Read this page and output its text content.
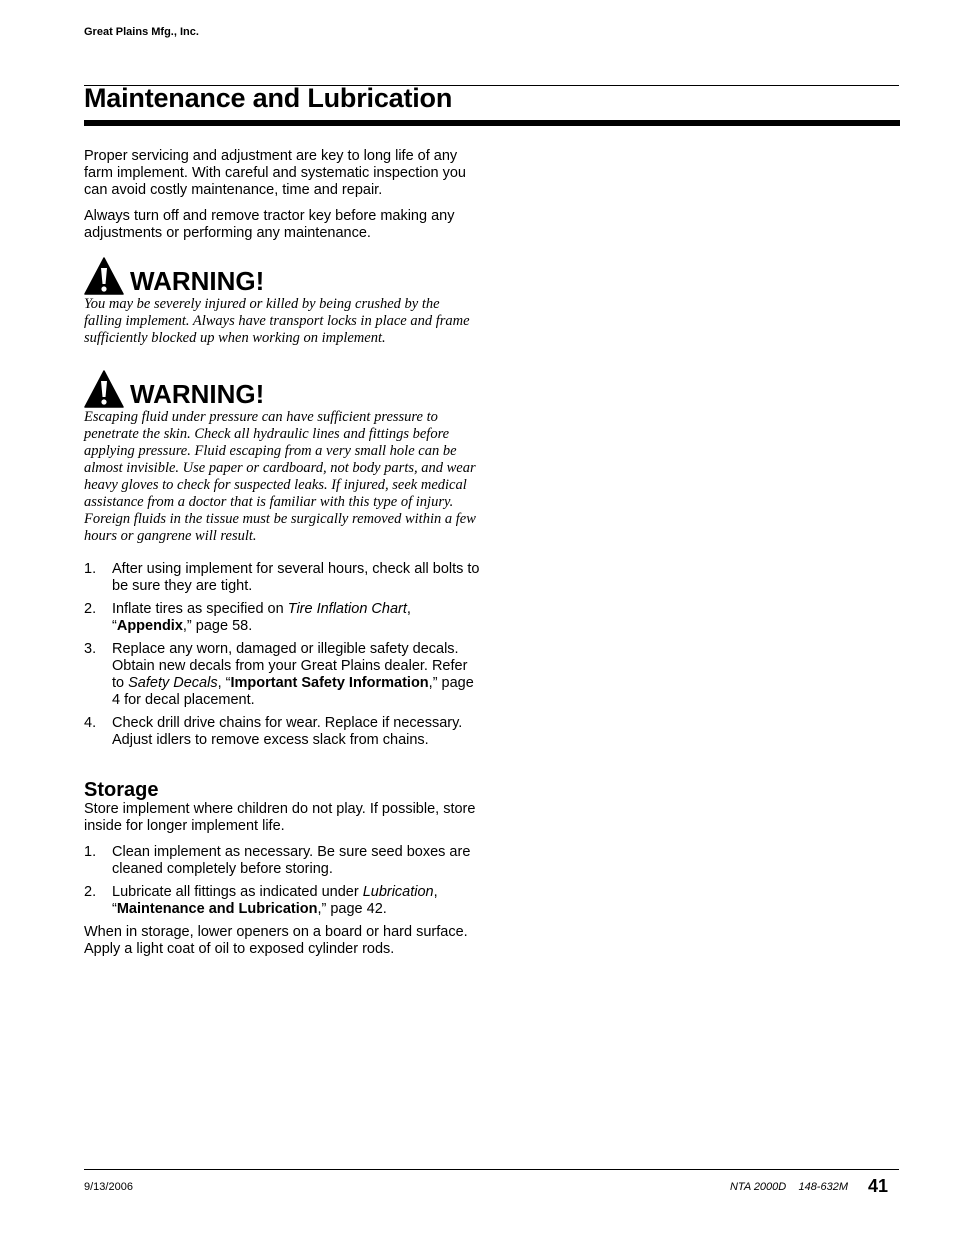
Great Plains Mfg., Inc.
Maintenance and Lubrication

Proper servicing and adjustment are key to long life of any farm implement. With careful and systematic inspection you can avoid costly maintenance, time and repair.

Always turn off and remove tractor key before making any adjustments or performing any maintenance.

WARNING!

You may be severely injured or killed by being crushed by the falling implement. Always have transport locks in place and frame sufficiently blocked up when working on implement.

WARNING!

Escaping fluid under pressure can have sufficient pressure to penetrate the skin. Check all hydraulic lines and fittings before applying pressure. Fluid escaping from a very small hole can be almost invisible. Use paper or cardboard, not body parts, and wear heavy gloves to check for suspected leaks. If injured, seek medical assistance from a doctor that is familiar with this type of injury. Foreign fluids in the tissue must be surgically removed within a few hours or gangrene will result.

1.	After using implement for several hours, check all bolts to be sure they are tight.
2.	Inflate tires as specified on Tire Inflation Chart, “Appendix,” page 58.
3.	Replace any worn, damaged or illegible safety decals. Obtain new decals from your Great Plains dealer. Refer to Safety Decals, “Important Safety Information,” page 4 for decal placement.
4.	Check drill drive chains for wear. Replace if necessary. Adjust idlers to remove excess slack from chains.
Storage

Store implement where children do not play. If possible, store inside for longer implement life.

1.	Clean implement as necessary. Be sure seed boxes are cleaned completely before storing.
2.	Lubricate all fittings as indicated under Lubrication, “Maintenance and Lubrication,” page 42.

When in storage, lower openers on a board or hard surface. Apply a light coat of oil to exposed cylinder rods.

9/13/2006	NTA 2000D    148-632M 41
